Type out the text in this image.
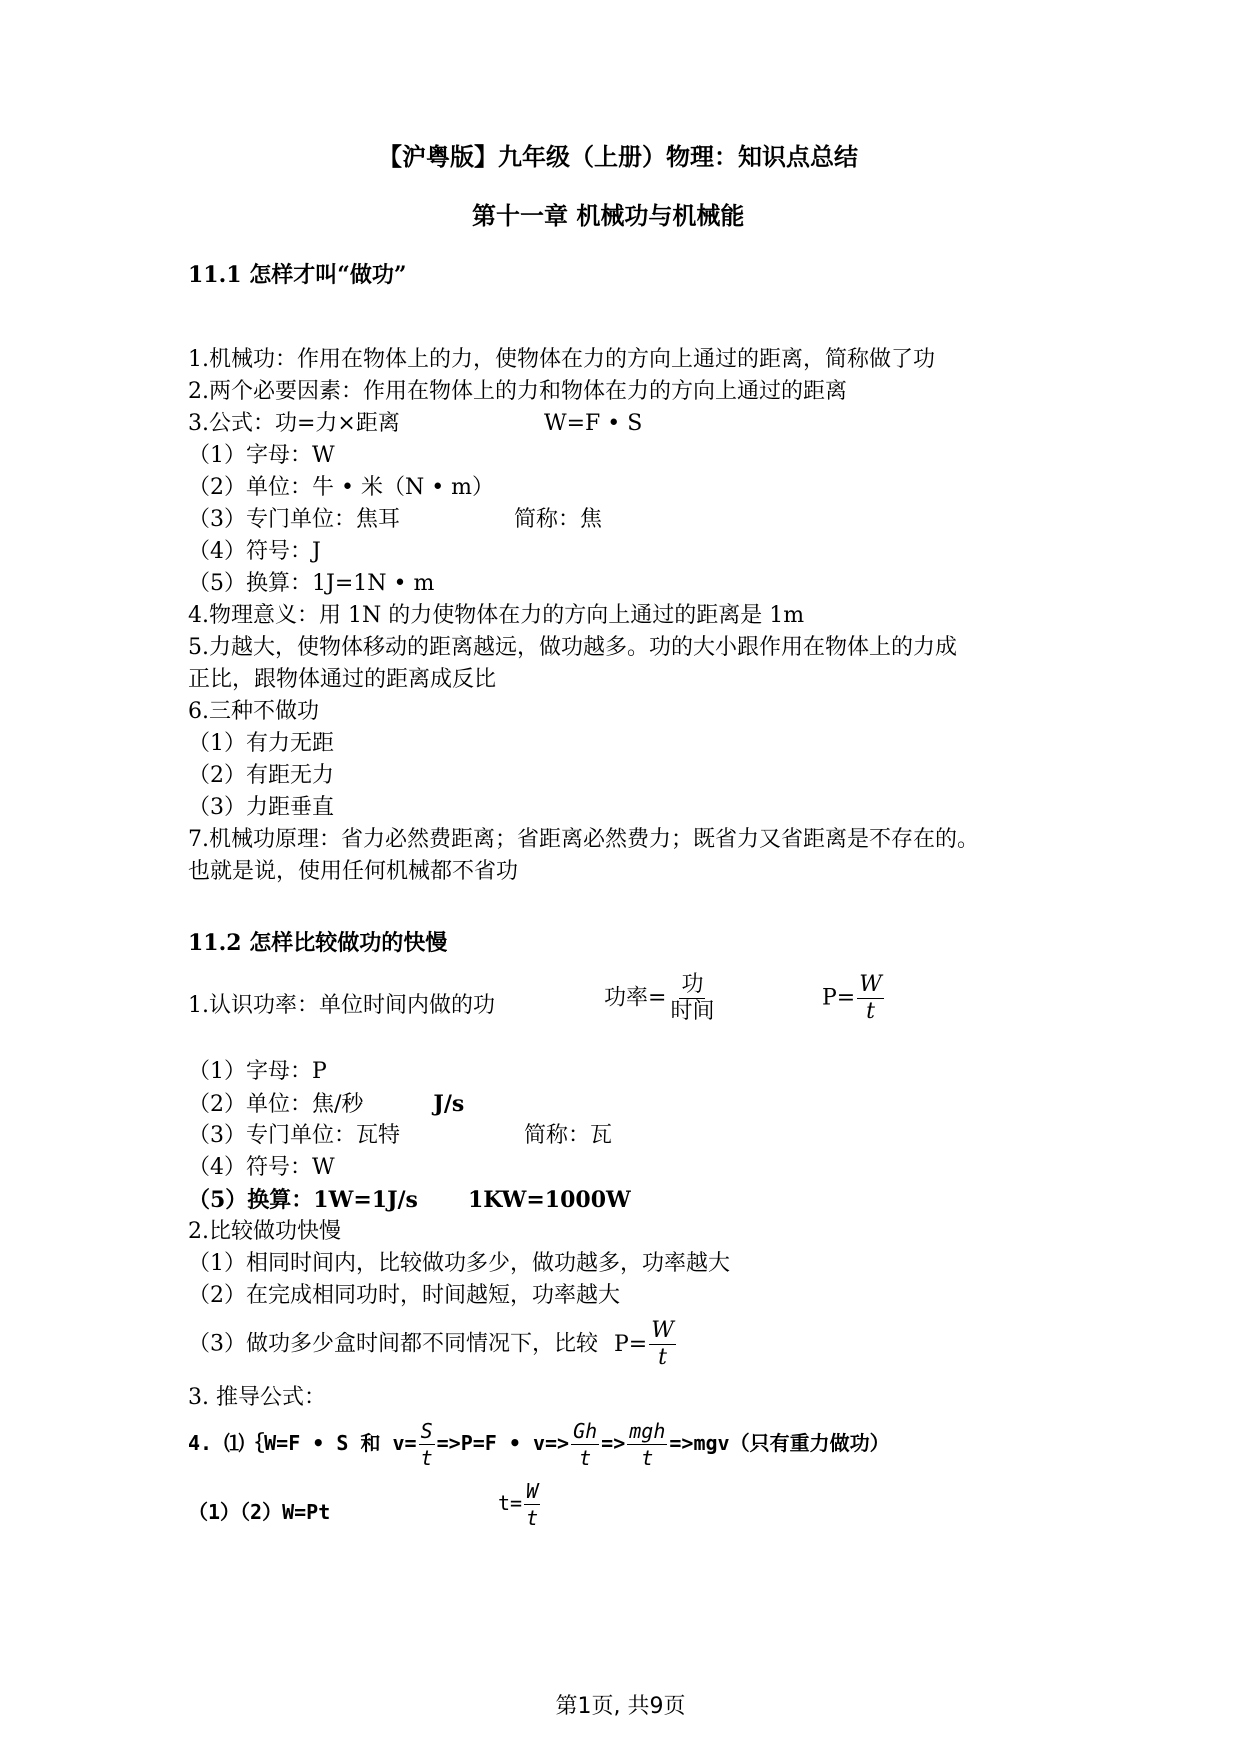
【沪粤版】九年级（上册）物理：知识点总结
第十一章 机械功与机械能
11.1 怎样才叫“做功”
1.机械功：作用在物体上的力，使物体在力的方向上通过的距离，简称做了功
2.两个必要因素：作用在物体上的力和物体在力的方向上通过的距离
3.公式：功=力×距离	W=F • S
（1）字母：W
（2）单位：牛 • 米（N • m）
（3）专门单位：焦耳	简称：焦
（4）符号：J
（5）换算：1J=1N • m
4.物理意义：用 1N 的力使物体在力的方向上通过的距离是 1m
5.力越大，使物体移动的距离越远，做功越多。功的大小跟作用在物体上的力成
正比，跟物体通过的距离成反比
6.三种不做功
（1）有力无距
（2）有距无力
（3）力距垂直
7.机械功原理：省力必然费距离；省距离必然费力；既省力又省距离是不存在的。
也就是说，使用任何机械都不省功
11.2 怎样比较做功的快慢
1.认识功率：单位时间内做的功	功率= $\frac{\text{功}}{\text{时间}}$	$P= \frac{W}{t}$
（1）字母：P
（2）单位：焦/秒	J/s
（3）专门单位：瓦特	简称：瓦
（4）符号：W
（5）换算：1W=1J/s 1KW=1000W
2.比较做功快慢
（1）相同时间内，比较做功多少，做功越多，功率越大
（2）在完成相同功时，时间越短，功率越大
（3）做功多少盒时间都不同情况下，比较 $P= \frac{W}{t}$
3. 推导公式：
4. ⑴｛W=F • S 和 $v= \frac{S}{t} =>P=F$ • $v=> \frac{Gh}{t} => \frac{\text{mgh}}{t} =>mgv$（只有重力做功）
（1）（2）W=Pt	$t= \frac{W}{t}$
第1页, 共9页
